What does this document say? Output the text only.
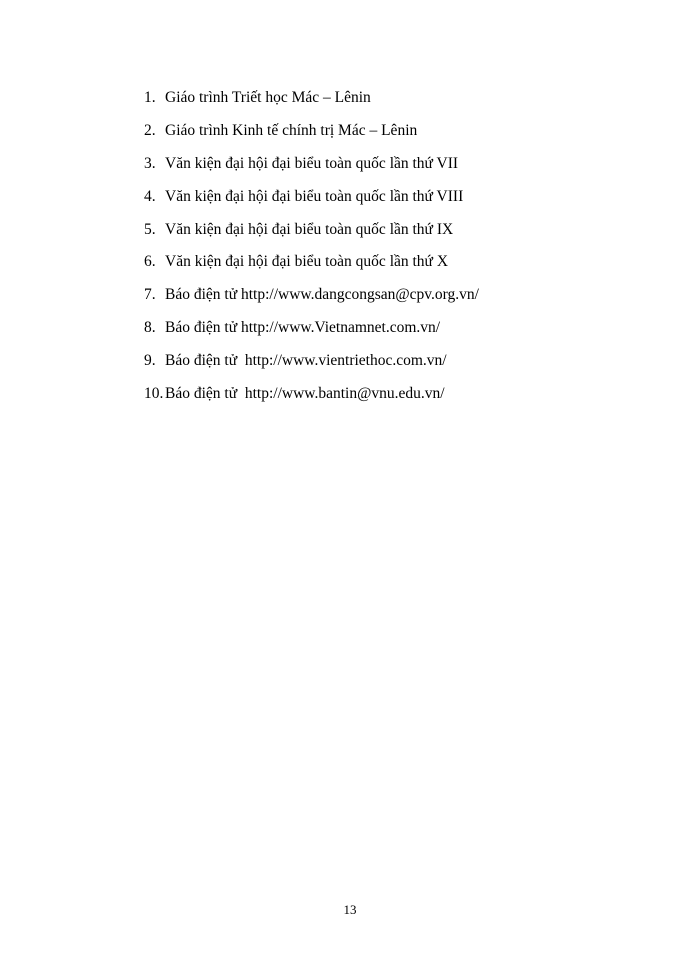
1. Giáo trình Triết học Mác – Lênin
2. Giáo trình Kinh tế chính trị Mác – Lênin
3. Văn kiện đại hội đại biểu toàn quốc lần thứ VII
4. Văn kiện đại hội đại biểu toàn quốc lần thứ VIII
5. Văn kiện đại hội đại biểu toàn quốc lần thứ IX
6. Văn kiện đại hội đại biểu toàn quốc lần thứ X
7. Báo điện tử http://www.dangcongsan@cpv.org.vn/
8. Báo điện tử http://www.Vietnamnet.com.vn/
9. Báo điện tử  http://www.vientriethoc.com.vn/
10. Báo điện tử  http://www.bantin@vnu.edu.vn/
13
